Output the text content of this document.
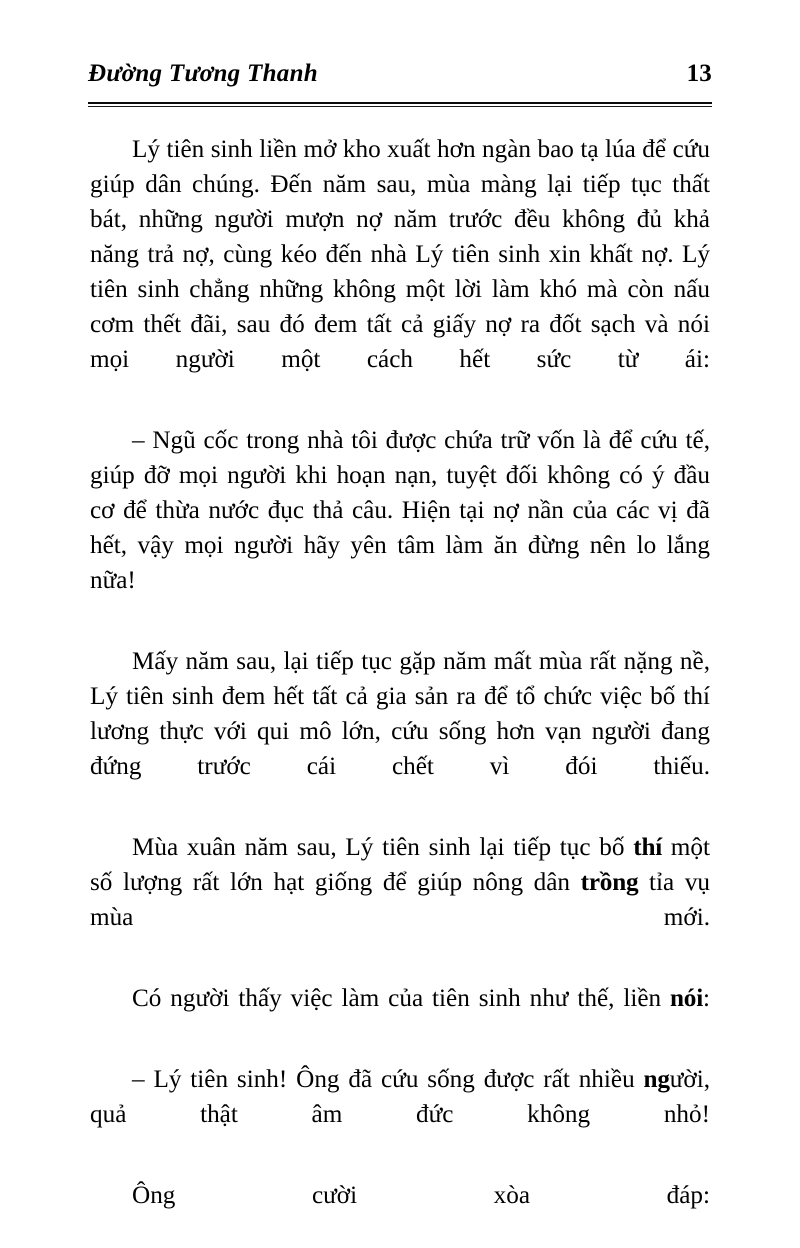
Đường Tương Thanh	13

Lý tiên sinh liền mở kho xuất hơn ngàn bao tạ lúa để cứu giúp dân chúng. Đến năm sau, mùa màng lại tiếp tục thất bát, những người mượn nợ năm trước đều không đủ khả năng trả nợ, cùng kéo đến nhà Lý tiên sinh xin khất nợ. Lý tiên sinh chẳng những không một lời làm khó mà còn nấu cơm thết đãi, sau đó đem tất cả giấy nợ ra đốt sạch và nói mọi người một cách hết sức từ ái:

– Ngũ cốc trong nhà tôi được chứa trữ vốn là để cứu tế, giúp đỡ mọi người khi hoạn nạn, tuyệt đối không có ý đầu cơ để thừa nước đục thả câu. Hiện tại nợ nần của các vị đã hết, vậy mọi người hãy yên tâm làm ăn đừng nên lo lắng nữa!

Mấy năm sau, lại tiếp tục gặp năm mất mùa rất nặng nề, Lý tiên sinh đem hết tất cả gia sản ra để tổ chức việc bố thí lương thực với qui mô lớn, cứu sống hơn vạn người đang đứng trước cái chết vì đói thiếu.

Mùa xuân năm sau, Lý tiên sinh lại tiếp tục bố thí một số lượng rất lớn hạt giống để giúp nông dân trồng tỉa vụ mùa mới.

Có người thấy việc làm của tiên sinh như thế, liền nói:

– Lý tiên sinh! Ông đã cứu sống được rất nhiều người, quả thật âm đức không nhỏ!

Ông cười xòa đáp:
